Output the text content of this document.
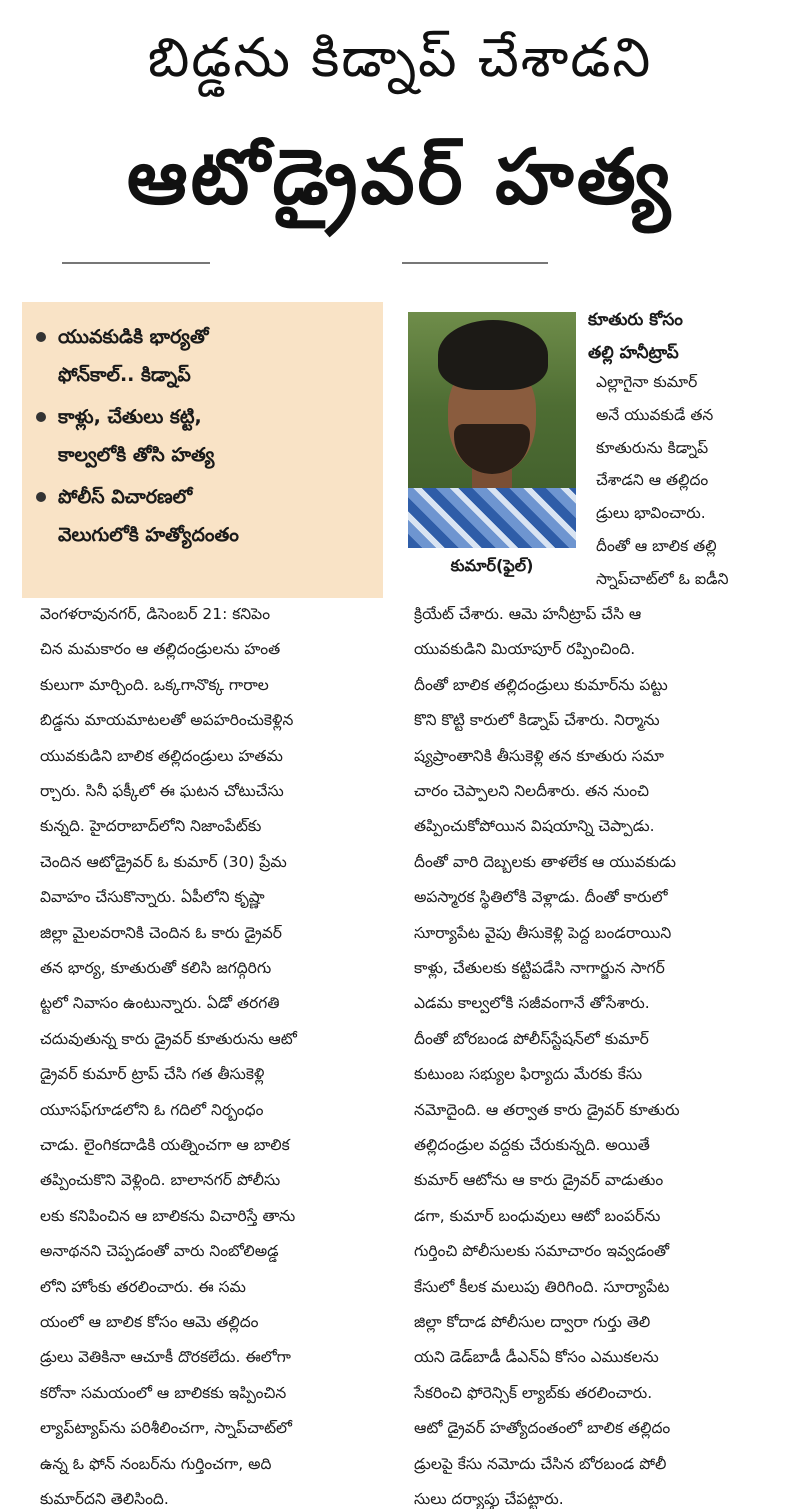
బిడ్డను కిడ్నాప్ చేశాడని
ఆటోడ్రైవర్ హత్య
యువకుడికి భార్యతో
ఫోన్‌కాల్.. కిడ్నాప్
కాళ్లు, చేతులు కట్టి,
కాల్వలోకి తోసి హత్య
పోలీస్ విచారణలో
వెలుగులోకి హత్యోదంతం
కుమార్(ఫైల్)
కూతురు కోసం
తల్లి హనీట్రాప్
ఎల్లాగైనా కుమార్
అనే యువకుడే తన
కూతురును కిడ్నాప్
చేశాడని ఆ తల్లిదం
డ్రులు భావించారు.
దీంతో ఆ బాలిక తల్లి
స్నాప్‌చాట్‌లో ఓ ఐడీని
వెంగళరావునగర్, డిసెంబర్ 21: కనిపెం
చిన మమకారం ఆ తల్లిదండ్రులను హంత
కులుగా మార్చింది. ఒక్కగానొక్క గారాల
బిడ్డను మాయమాటలతో అపహరించుకెళ్లిన
యువకుడిని బాలిక తల్లిదండ్రులు హతమ
ర్చారు. సినీ ఫక్కీలో ఈ ఘటన చోటుచేసు
కున్నది. హైదరాబాద్‌లోని నిజాంపేట్‌కు
చెందిన ఆటోడ్రైవర్ ఓ కుమార్ (30) ప్రేమ
వివాహం చేసుకొన్నారు. ఏపీలోని కృష్ణా
జిల్లా మైలవరానికి చెందిన ఓ కారు డ్రైవర్
తన భార్య, కూతురుతో కలిసి జగద్గిరిగు
ట్టలో నివాసం ఉంటున్నారు. ఏడో తరగతి
చదువుతున్న కారు డ్రైవర్ కూతురును ఆటో
డ్రైవర్ కుమార్ ట్రాప్ చేసి గత తీసుకెళ్లి
యూసఫ్‌గూడలోని ఓ గదిలో నిర్బంధం
చాడు. లైంగికదాడికి యత్నించగా ఆ బాలిక
తప్పించుకొని వెళ్లింది. బాలానగర్ పోలీసు
లకు కనిపించిన ఆ బాలికను విచారిస్తే తాను
అనాథనని చెప్పడంతో వారు నింబోలిఅడ్డ
లోని హోంకు తరలించారు. ఈ సమ
యంలో ఆ బాలిక కోసం ఆమె తల్లిదం
డ్రులు వెతికినా ఆచూకీ దొరకలేదు. ఈలోగా
కరోనా సమయంలో ఆ బాలికకు ఇప్పించిన
ల్యాప్‌ట్యాప్‌ను పరిశీలించగా, స్నాప్‌చాట్‌లో
ఉన్న ఓ ఫోన్ నంబర్‌ను గుర్తించగా, అది
కుమార్‌దని తెలిసింది.
క్రియేట్ చేశారు. ఆమె హనీట్రాప్ చేసి ఆ
యువకుడిని మియాపూర్ రప్పించింది.
దీంతో బాలిక తల్లిదండ్రులు కుమార్‌ను పట్టు
కొని కొట్టి కారులో కిడ్నాప్ చేశారు. నిర్మాను
ష్యప్రాంతానికి తీసుకెళ్లి తన కూతురు సమా
చారం చెప్పాలని నిలదీశారు. తన నుంచి
తప్పించుకోపోయిన విషయాన్ని చెప్పాడు.
దీంతో వారి దెబ్బలకు తాళలేక ఆ యువకుడు
అపస్మారక స్థితిలోకి వెళ్లాడు. దీంతో కారులో
సూర్యాపేట వైపు తీసుకెళ్లి పెద్ద బండరాయిని
కాళ్లు, చేతులకు కట్టిపడేసి నాగార్జున సాగర్
ఎడమ కాల్వలోకి సజీవంగానే తోసేశారు.
దీంతో బోరబండ పోలీస్‌స్టేషన్‌లో కుమార్
కుటుంబ సభ్యుల ఫిర్యాదు మేరకు కేసు
నమోదైంది. ఆ తర్వాత కారు డ్రైవర్ కూతురు
తల్లిదండ్రుల వద్దకు చేరుకున్నది. అయితే
కుమార్ ఆటోను ఆ కారు డ్రైవర్ వాడుతుం
డగా, కుమార్ బంధువులు ఆటో బంపర్‌ను
గుర్తించి పోలీసులకు సమాచారం ఇవ్వడంతో
కేసులో కీలక మలుపు తిరిగింది. సూర్యాపేట
జిల్లా కోదాడ పోలీసుల ద్వారా గుర్తు తెలి
యని డెడ్‌బాడీ డీఎన్ఏ కోసం ఎముకలను
సేకరించి ఫోరెన్సిక్ ల్యాబ్‌కు తరలించారు.
ఆటో డ్రైవర్ హత్యోదంతంలో బాలిక తల్లిదం
డ్రులపై కేసు నమోదు చేసిన బోరబండ పోలీ
సులు దర్యాప్తు చేపట్టారు.
